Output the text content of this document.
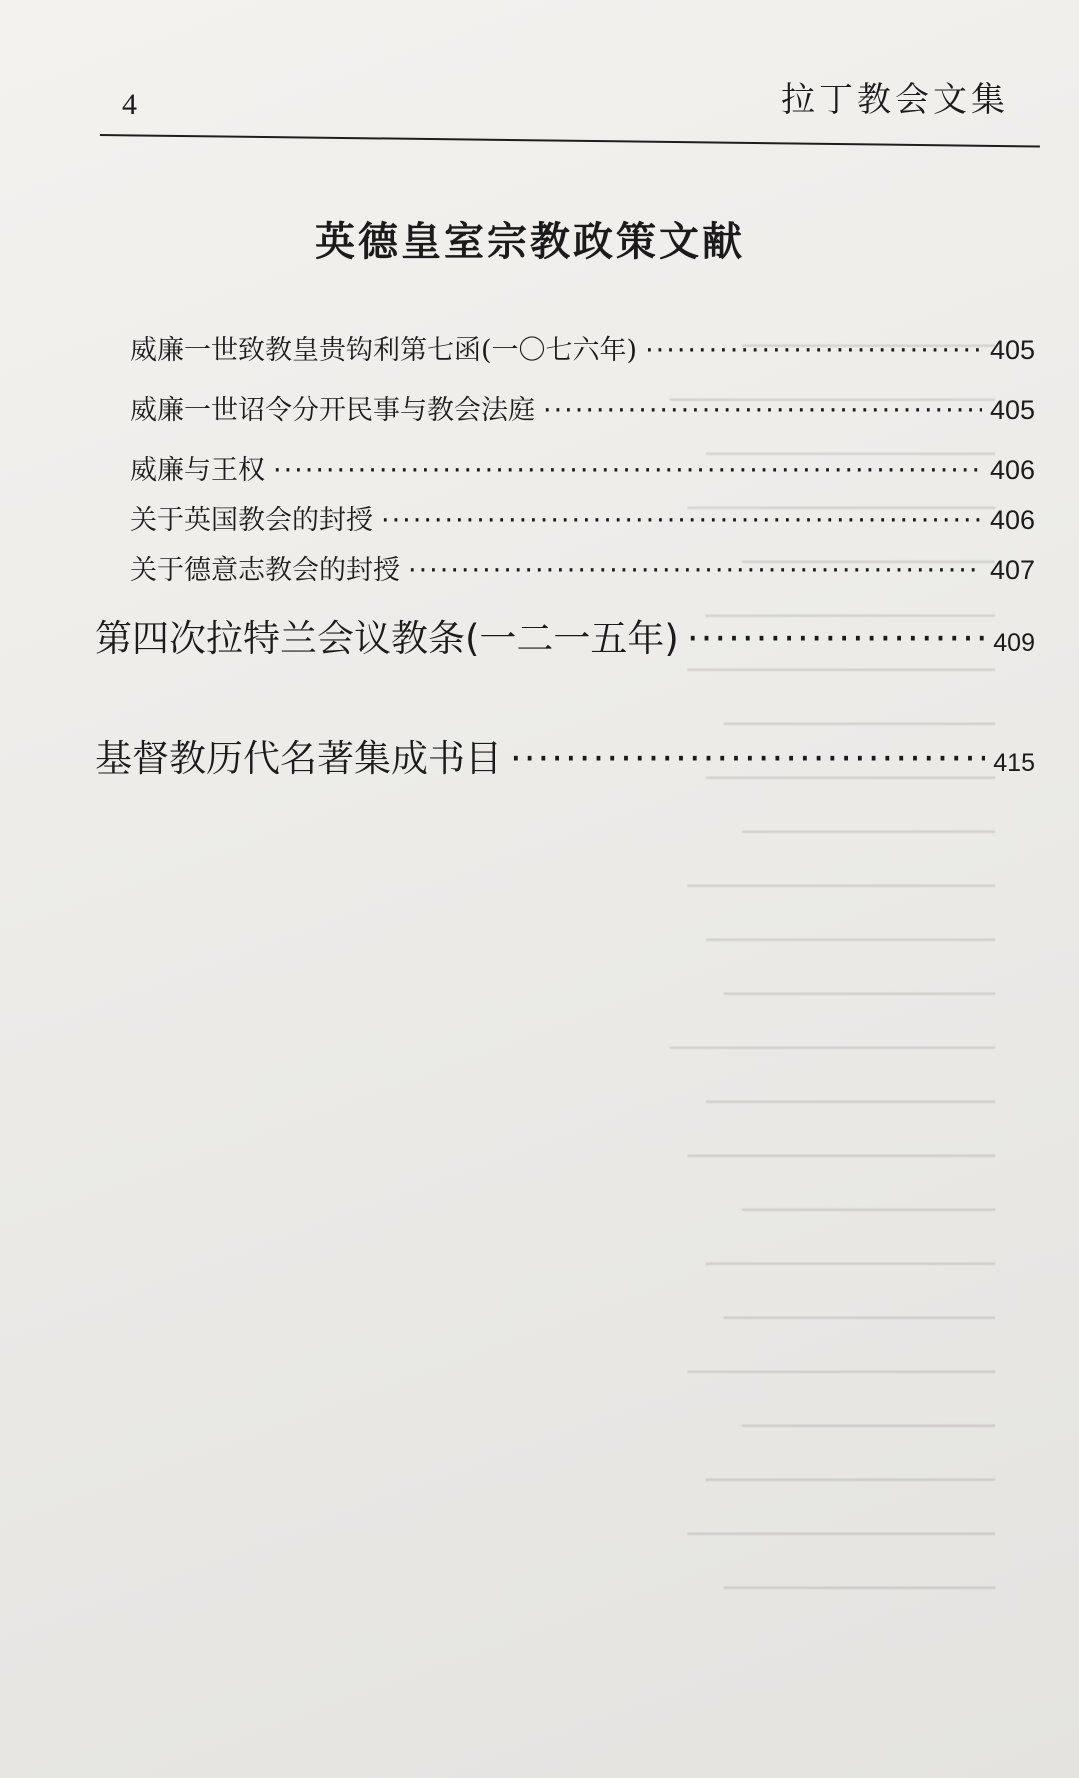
──────────────
──────────────────
────────────────
─────────────────
──────────────
────────────────
─────────────────
───────────────
────────────────
──────────────
─────────────────
────────────────
───────────────
──────────────────
────────────────
─────────────────
──────────────
────────────────
───────────────
─────────────────
──────────────
────────────────
─────────────────
───────────────
4	拉丁教会文集
英德皇室宗教政策文献
威廉一世致教皇贵钩利第七函(一〇七六年) ·····	405
威廉一世诏令分开民事与教会法庭 ·····	405
威廉与王权 ·····	406
关于英国教会的封授 ·····	406
关于德意志教会的封授 ·····	407
第四次拉特兰会议教条(一二一五年) ·····	409
基督教历代名著集成书目 ·····	415
